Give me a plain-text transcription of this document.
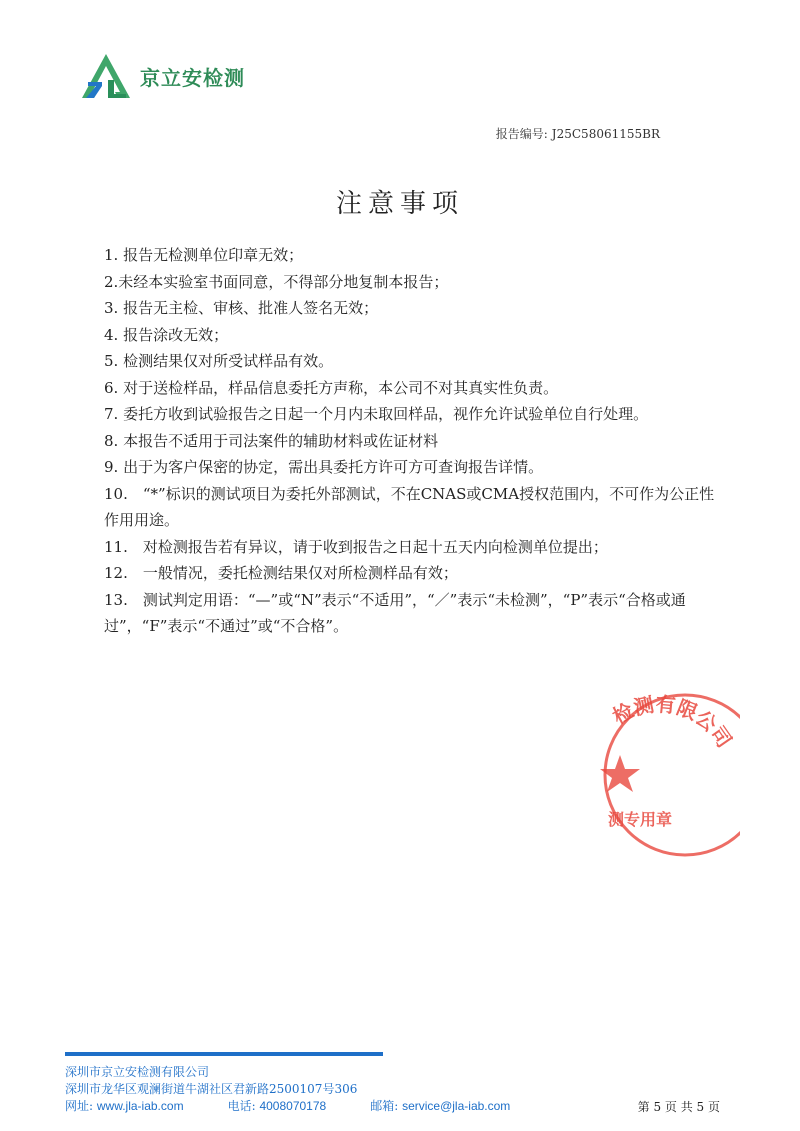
京立安检测
报告编号: J25C58061155BR
注意事项
1. 报告无检测单位印章无效；
2.未经本实验室书面同意，不得部分地复制本报告；
3. 报告无主检、审核、批准人签名无效；
4. 报告涂改无效；
5. 检测结果仅对所受试样品有效。
6. 对于送检样品，样品信息委托方声称，本公司不对其真实性负责。
7. 委托方收到试验报告之日起一个月内未取回样品，视作允许试验单位自行处理。
8. 本报告不适用于司法案件的辅助材料或佐证材料
9. 出于为客户保密的协定，需出具委托方许可方可查询报告详情。
10.　“*”标识的测试项目为委托外部测试，不在CNAS或CMA授权范围内，不可作为公正性作用用途。
11.　对检测报告若有异议，请于收到报告之日起十五天内向检测单位提出；
12.　一般情况，委托检测结果仅对所检测样品有效；
13.　测试判定用语：“—”或“N”表示“不适用”，“／”表示“未检测”，“P”表示“合格或通过”，“F”表示“不通过”或“不合格”。
检测有限公司
测专用章
深圳市京立安检测有限公司
深圳市龙华区观澜街道牛湖社区君新路2500107号306
网址: www.jla-iab.com	电话: 4008070178	邮箱: service@jla-iab.com	第 5 页 共 5 页
